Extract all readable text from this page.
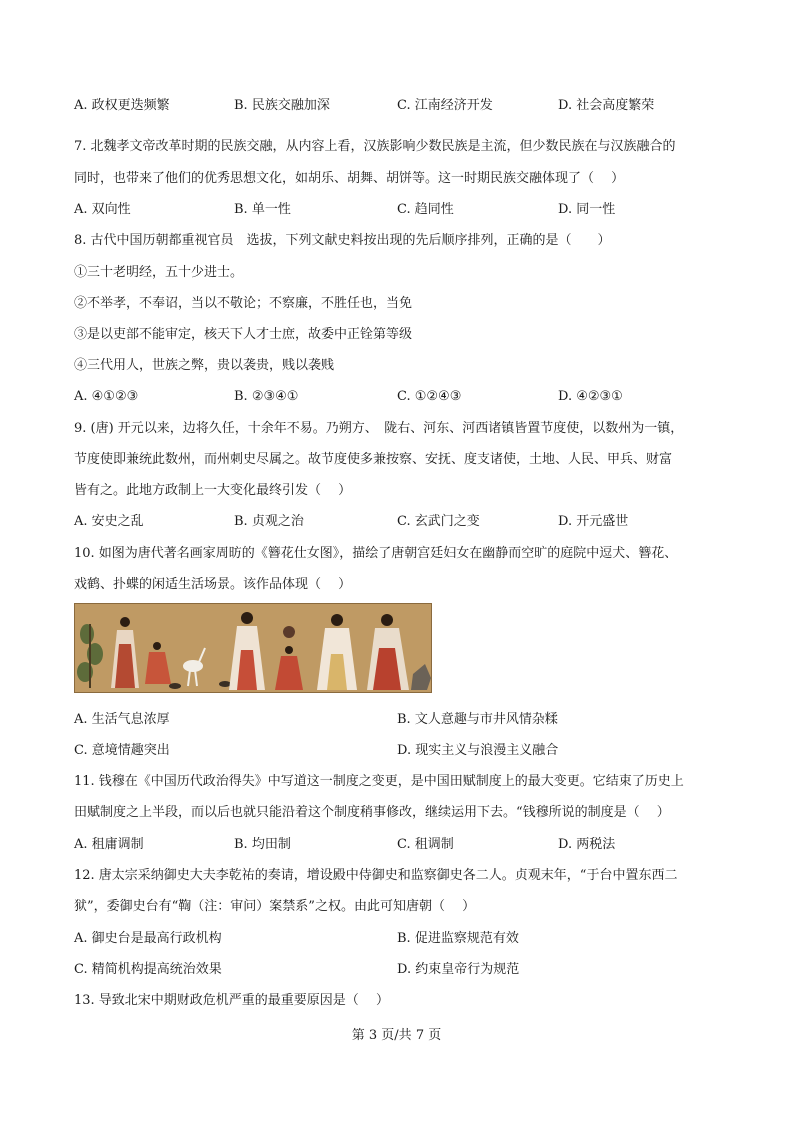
A. 政权更迭频繁	B. 民族交融加深	C. 江南经济开发	D. 社会高度繁荣
7. 北魏孝文帝改革时期的民族交融，从内容上看，汉族影响少数民族是主流，但少数民族在与汉族融合的
同时，也带来了他们的优秀思想文化，如胡乐、胡舞、胡饼等。这一时期民族交融体现了（　 ）
A. 双向性	B. 单一性	C. 趋同性	D. 同一性
8. 古代中国历朝都重视官员　选拔，下列文献史料按出现的先后顺序排列，正确的是（　　）
①三十老明经，五十少进士。
②不举孝，不奉诏，当以不敬论；不察廉，不胜任也，当免
③是以吏部不能审定，核天下人才士庶，故委中正铨第等级
④三代用人，世族之弊，贵以袭贵，贱以袭贱
A. ④①②③	B. ②③④①	C. ①②④③	D. ④②③①
9. (唐) 开元以来，边将久任，十余年不易。乃朔方、　陇右、河东、河西诸镇皆置节度使，以数州为一镇，
节度使即兼统此数州，而州刺史尽属之。故节度使多兼按察、安抚、度支诸使，土地、人民、甲兵、财富
皆有之。此地方政制上一大变化最终引发（　 ）
A. 安史之乱	B. 贞观之治	C. 玄武门之变	D. 开元盛世
10. 如图为唐代著名画家周昉的《簪花仕女图》，描绘了唐朝宫廷妇女在幽静而空旷的庭院中逗犬、簪花、
戏鹤、扑蝶的闲适生活场景。该作品体现（　 ）
A. 生活气息浓厚	B. 文人意趣与市井风情杂糅
C. 意境情趣突出	D. 现实主义与浪漫主义融合
11. 钱穆在《中国历代政治得失》中写道这一制度之变更，是中国田赋制度上的最大变更。它结束了历史上
田赋制度之上半段，而以后也就只能沿着这个制度稍事修改，继续运用下去。“钱穆所说的制度是（　 ）
A. 租庸调制	B. 均田制	C. 租调制	D. 两税法
12. 唐太宗采纳御史大夫李乾祐的奏请，增设殿中侍御史和监察御史各二人。贞观末年，“于台中置东西二
狱”，委御史台有“鞫（注：审问）案禁系”之权。由此可知唐朝（　 ）
A. 御史台是最高行政机构	B. 促进监察规范有效
C. 精简机构提高统治效果	D. 约束皇帝行为规范
13. 导致北宋中期财政危机严重的最重要原因是（　 ）
第 3 页/共 7 页
